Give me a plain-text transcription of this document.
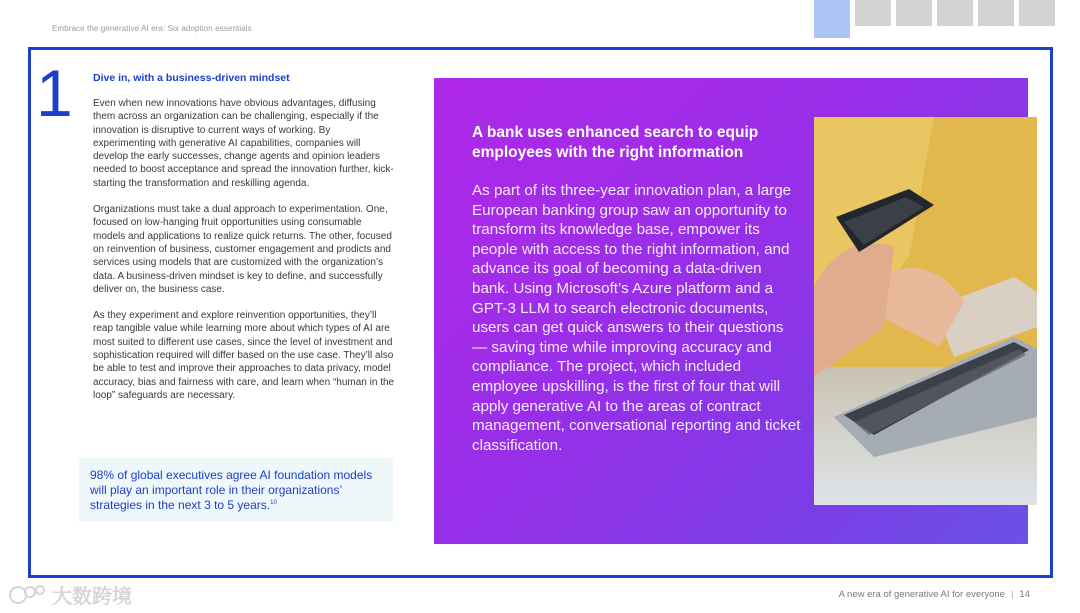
Embrace the generative AI era: Six adoption essentials
1 Dive in, with a business-driven mindset

Even when new innovations have obvious advantages, diffusing them across an organization can be challenging, especially if the innovation is disruptive to current ways of working. By experimenting with generative AI capabilities, companies will develop the early successes, change agents and opinion leaders needed to boost acceptance and spread the innovation further, kick-starting the transformation and reskilling agenda.

Organizations must take a dual approach to experimentation. One, focused on low-hanging fruit opportunities using consumable models and applications to realize quick returns. The other, focused on reinvention of business, customer engagement and prodicts and services using models that are customized with the organization’s data. A business-driven mindset is key to define, and successfully deliver on, the business case.

As they experiment and explore reinvention opportunities, they’ll reap tangible value while learning more about which types of AI are most suited to different use cases, since the level of investment and sophistication required will differ based on the use case. They’ll also be able to test and improve their approaches to data privacy, model accuracy, bias and fairness with care, and learn when “human in the loop” safeguards are necessary.

98% of global executives agree AI foundation models will play an important role in their organizations’ strategies in the next 3 to 5 years.$^{10}$
A bank uses enhanced search to equip employees with the right information
As part of its three-year innovation plan, a large European banking group saw an opportunity to transform its knowledge base, empower its people with access to the right information, and advance its goal of becoming a data-driven bank. Using Microsoft’s Azure platform and a GPT-3 LLM to search electronic documents, users can get quick answers to their questions — saving time while improving accuracy and compliance. The project, which included employee upskilling, is the first of four that will apply generative AI to the areas of contract management, conversational reporting and ticket classification.
A new era of generative AI for everyone | 14
大数跨境
